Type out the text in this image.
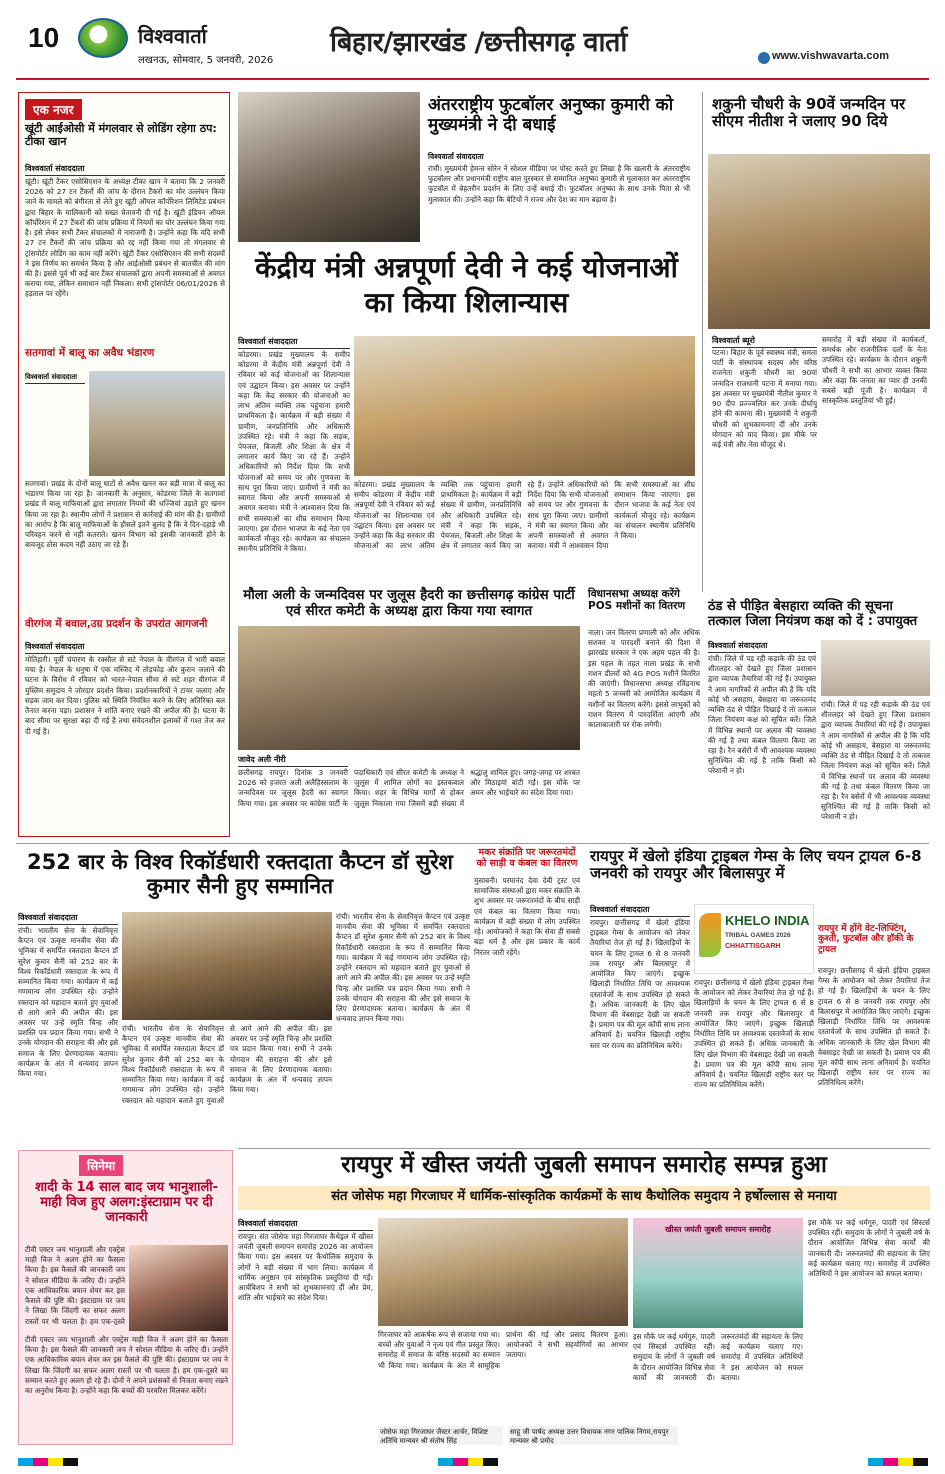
10	विश्ववार्ता
लखनऊ, सोमवार, 5 जनवरी, 2026
बिहार/झारखंड /छत्तीसगढ़ वार्ता	www.vishwavarta.com
एक नजर
खूंटी आईओसी में मंगलवार से लोडिंग रहेगा ठप: टीका खान
विश्ववार्ता संवाददाता
खूंटी। खूंटी टैंकर एसोसिएशन के अध्यक्ष टीका खान ने बताया कि 2 जनवरी 2026 को 27 टन टैंकरों की जांच के दौरान टैंकरों का मोर उल्लंघन किया जाने के मामले को बंगीरता से लेते हुए खूंटी ऑयल कॉर्पोरेशन लिमिटेड प्रबंधन द्वारा बिहार के मालिकानी को सख्त चेतावनी दी गई है। खूंटी इंडियन ऑयल कॉर्पोरेशन में 27 टैंकरों की जांच प्रक्रिया में नियमों का घोर उल्लंघन किया गया है। इसे लेकर सभी टैंकर संचालकों में नाराजगी है। उन्होंने कहा कि यदि सभी 27 टन टैंकरों की जांच प्रक्रिया को रद्द नहीं किया गया तो मंगलवार से ट्रांसपोर्टर लोडिंग का काम नहीं करेंगे। खूंटी टैंकर एसोसिएशन की सभी सदस्यों ने इस निर्णय का समर्थन किया है और आईओसी प्रबंधन से बातचीत की मांग की है। इससे पूर्व भी कई बार टैंकर संचालकों द्वारा अपनी समस्याओं से अवगत कराया गया, लेकिन समाधान नहीं निकला। सभी ट्रांसपोर्टर 06/01/2026 से हड़ताल पर रहेंगे।
सतगावां में बालू का अवैध भंडारण
विश्ववार्ता संवाददाता
सतगावां। प्रखंड के दोनों बालू घाटों से अवैध खनन कर बड़ी मात्रा में बालू का भंडारण किया जा रहा है। जानकारी के अनुसार, कोडरमा जिले के सतगावां प्रखंड में बालू माफियाओं द्वारा लगातार नियमों की धज्जियां उड़ाते हुए खनन किया जा रहा है। स्थानीय लोगों ने प्रशासन से कार्रवाई की मांग की है। ग्रामीणों का आरोप है कि बालू माफियाओं के हौसले इतने बुलंद हैं कि वे दिन-दहाड़े भी परिवहन करने से नहीं कतराते। खनन विभाग को इसकी जानकारी होने के बावजूद ठोस कदम नहीं उठाए जा रहे हैं।
वीरगंज में बवाल,उग्र प्रदर्शन के उपरांत आगजनी
विश्ववार्ता संवाददाता
मोतिहारी। पूर्वी चंपारण के रक्सौल से सटे नेपाल के वीरगंज में भारी बवाल मचा है। नेपाल के धनुषा में एक मस्जिद में तोड़फोड़ और कुरान जलाने की घटना के विरोध में रविवार को भारत-नेपाल सीमा से सटे शहर वीरगंज में मुस्लिम समुदाय ने जोरदार प्रदर्शन किया। प्रदर्शनकारियों ने टायर जलाए और सड़क जाम कर दिया। पुलिस को स्थिति नियंत्रित करने के लिए अतिरिक्त बल तैनात करना पड़ा। प्रशासन ने शांति बनाए रखने की अपील की है। घटना के बाद सीमा पर सुरक्षा बढ़ा दी गई है तथा संवेदनशील इलाकों में गश्त तेज कर दी गई है।
अंतरराष्ट्रीय फुटबॉलर अनुष्का कुमारी को मुख्यमंत्री ने दी बधाई
विश्ववार्ता संवाददाता
रांची। मुख्यमंत्री हेमन्त सोरेन ने सोशल मीडिया पर पोस्ट करते हुए लिखा है कि खलारी के अंतरराष्ट्रीय फुटबॉलर और प्रधानमंत्री राष्ट्रीय बाल पुरस्कार से सम्मानित अनुष्का कुमारी से मुलाकात कर अंतरराष्ट्रीय फुटबॉल में बेहतरीन प्रदर्शन के लिए उन्हें बधाई दी। फुटबॉलर अनुष्का के साथ उनके पिता से भी मुलाकात की। उन्होंने कहा कि बेटियों ने राज्य और देश का मान बढ़ाया है।
शकुनी चौधरी के 90वें जन्मदिन पर सीएम नीतीश ने जलाए 90 दिये
विश्ववार्ता ब्यूरो
पटना। बिहार के पूर्व स्वास्थ्य मंत्री, समता पार्टी के संस्थापक सदस्य और वरिष्ठ राजनेता शकुनी चौधरी का 90वां जन्मदिन राजधानी पटना में मनाया गया। इस अवसर पर मुख्यमंत्री नीतीश कुमार ने 90 दीप प्रज्ज्वलित कर उनके दीर्घायु होने की कामना की। मुख्यमंत्री ने शकुनी चौधरी को शुभकामनाएं दीं और उनके योगदान को याद किया। इस मौके पर कई मंत्री और नेता मौजूद थे।
समारोह में बड़ी संख्या में कार्यकर्ता, समर्थक और राजनीतिक दलों के नेता उपस्थित रहे। कार्यक्रम के दौरान शकुनी चौधरी ने सभी का आभार व्यक्त किया और कहा कि जनता का प्यार ही उनकी सबसे बड़ी पूंजी है। कार्यक्रम में सांस्कृतिक प्रस्तुतियां भी हुईं।
केंद्रीय मंत्री अन्नपूर्णा देवी ने कई योजनाओं का किया शिलान्यास
विश्ववार्ता संवाददाता
कोडरमा। प्रखंड मुख्यालय के समीप कोडरमा में केंद्रीय मंत्री अन्नपूर्णा देवी ने रविवार को कई योजनाओं का शिलान्यास एवं उद्घाटन किया। इस अवसर पर उन्होंने कहा कि केंद्र सरकार की योजनाओं का लाभ अंतिम व्यक्ति तक पहुंचाना हमारी प्राथमिकता है। कार्यक्रम में बड़ी संख्या में ग्रामीण, जनप्रतिनिधि और अधिकारी उपस्थित रहे। मंत्री ने कहा कि सड़क, पेयजल, बिजली और शिक्षा के क्षेत्र में लगातार कार्य किए जा रहे हैं। उन्होंने अधिकारियों को निर्देश दिया कि सभी योजनाओं को समय पर और गुणवत्ता के साथ पूरा किया जाए। ग्रामीणों ने मंत्री का स्वागत किया और अपनी समस्याओं से अवगत कराया। मंत्री ने आश्वासन दिया कि सभी समस्याओं का शीघ्र समाधान किया जाएगा। इस दौरान भाजपा के कई नेता एवं कार्यकर्ता मौजूद रहे। कार्यक्रम का संचालन स्थानीय प्रतिनिधि ने किया।
कोडरमा। प्रखंड मुख्यालय के समीप कोडरमा में केंद्रीय मंत्री अन्नपूर्णा देवी ने रविवार को कई योजनाओं का शिलान्यास एवं उद्घाटन किया। इस अवसर पर उन्होंने कहा कि केंद्र सरकार की योजनाओं का लाभ अंतिम व्यक्ति तक पहुंचाना हमारी प्राथमिकता है। कार्यक्रम में बड़ी संख्या में ग्रामीण, जनप्रतिनिधि और अधिकारी उपस्थित रहे। मंत्री ने कहा कि सड़क, पेयजल, बिजली और शिक्षा के क्षेत्र में लगातार कार्य किए जा रहे हैं। उन्होंने अधिकारियों को निर्देश दिया कि सभी योजनाओं को समय पर और गुणवत्ता के साथ पूरा किया जाए। ग्रामीणों ने मंत्री का स्वागत किया और अपनी समस्याओं से अवगत कराया। मंत्री ने आश्वासन दिया कि सभी समस्याओं का शीघ्र समाधान किया जाएगा। इस दौरान भाजपा के कई नेता एवं कार्यकर्ता मौजूद रहे। कार्यक्रम का संचालन स्थानीय प्रतिनिधि ने किया।
मौला अली के जन्मदिवस पर जुलूस हैदरी का छत्तीसगढ़ कांग्रेस पार्टी एवं सीरत कमेटी के अध्यक्ष द्वारा किया गया स्वागत
जावेद अली नीरी
छत्तीसगढ़ रायपुर। दिनांक 3 जनवरी 2026 को हजरत अली अलैहिस्सलाम के जन्मदिवस पर जुलूस हैदरी का स्वागत किया गया। इस अवसर पर कांग्रेस पार्टी के पदाधिकारी एवं सीरत कमेटी के अध्यक्ष ने जुलूस में शामिल लोगों का इस्तकबाल किया। शहर के विभिन्न मार्गों से होकर जुलूस निकाला गया जिसमें बड़ी संख्या में श्रद्धालु शामिल हुए। जगह-जगह पर शरबत और मिठाइयां बांटी गईं। इस मौके पर अमन और भाईचारे का संदेश दिया गया।
विधानसभा अध्यक्ष करेंगे POS मशीनों का वितरण
नाला। जन वितरण प्रणाली को और अधिक सशक्त व पारदर्शी बनाने की दिशा में झारखंड सरकार ने एक अहम पहल की है। इस पहल के तहत नाला प्रखंड के सभी राशन डीलरों को 4G POS मशीनें वितरित की जाएंगी। विधानसभा अध्यक्ष रविंद्रनाथ महतो 5 जनवरी को आयोजित कार्यक्रम में मशीनों का वितरण करेंगे। इससे लाभुकों को राशन वितरण में पारदर्शिता आएगी और कालाबाजारी पर रोक लगेगी।
ठंड से पीड़ित बेसहारा व्यक्ति की सूचना तत्काल जिला नियंत्रण कक्ष को दें : उपायुक्त
विश्ववार्ता संवाददाता
रांची। जिले में पड़ रही कड़ाके की ठंड एवं शीतलहर को देखते हुए जिला प्रशासन द्वारा व्यापक तैयारियां की गई हैं। उपायुक्त ने आम नागरिकों से अपील की है कि यदि कोई भी असहाय, बेसहारा या जरूरतमंद व्यक्ति ठंड से पीड़ित दिखाई दे तो तत्काल जिला नियंत्रण कक्ष को सूचित करें। जिले में विभिन्न स्थानों पर अलाव की व्यवस्था की गई है तथा कंबल वितरण किया जा रहा है। रैन बसेरों में भी आवश्यक व्यवस्था सुनिश्चित की गई है ताकि किसी को परेशानी न हो।
रांची। जिले में पड़ रही कड़ाके की ठंड एवं शीतलहर को देखते हुए जिला प्रशासन द्वारा व्यापक तैयारियां की गई हैं। उपायुक्त ने आम नागरिकों से अपील की है कि यदि कोई भी असहाय, बेसहारा या जरूरतमंद व्यक्ति ठंड से पीड़ित दिखाई दे तो तत्काल जिला नियंत्रण कक्ष को सूचित करें। जिले में विभिन्न स्थानों पर अलाव की व्यवस्था की गई है तथा कंबल वितरण किया जा रहा है। रैन बसेरों में भी आवश्यक व्यवस्था सुनिश्चित की गई है ताकि किसी को परेशानी न हो।
252 बार के विश्व रिकॉर्डधारी रक्तदाता कैप्टन डॉ सुरेश कुमार सैनी हुए सम्मानित
विश्ववार्ता संवाददाता
रांची। भारतीय सेना के सेवानिवृत्त कैप्टन एवं उत्कृष्ट मानवीय सेवा की भूमिका में समर्पित रक्तदाता कैप्टन डॉ सुरेश कुमार सैनी को 252 बार के विश्व रिकॉर्डधारी रक्तदाता के रूप में सम्मानित किया गया। कार्यक्रम में कई गणमान्य लोग उपस्थित रहे। उन्होंने रक्तदान को महादान बताते हुए युवाओं से आगे आने की अपील की। इस अवसर पर उन्हें स्मृति चिन्ह और प्रशस्ति पत्र प्रदान किया गया। सभी ने उनके योगदान की सराहना की और इसे समाज के लिए प्रेरणादायक बताया। कार्यक्रम के अंत में धन्यवाद ज्ञापन किया गया।
रांची। भारतीय सेना के सेवानिवृत्त कैप्टन एवं उत्कृष्ट मानवीय सेवा की भूमिका में समर्पित रक्तदाता कैप्टन डॉ सुरेश कुमार सैनी को 252 बार के विश्व रिकॉर्डधारी रक्तदाता के रूप में सम्मानित किया गया। कार्यक्रम में कई गणमान्य लोग उपस्थित रहे। उन्होंने रक्तदान को महादान बताते हुए युवाओं से आगे आने की अपील की। इस अवसर पर उन्हें स्मृति चिन्ह और प्रशस्ति पत्र प्रदान किया गया। सभी ने उनके योगदान की सराहना की और इसे समाज के लिए प्रेरणादायक बताया। कार्यक्रम के अंत में धन्यवाद ज्ञापन किया गया।
मकर संक्रांति पर जरूरतमंदों को साड़ी व कंबल का वितरण
मुसाबनी। परमानंद देवा देवी ट्रस्ट एवं सामाजिक संस्थाओं द्वारा मकर संक्रांति के शुभ अवसर पर जरूरतमंदों के बीच साड़ी एवं कंबल का वितरण किया गया। कार्यक्रम में बड़ी संख्या में लोग उपस्थित रहे। आयोजकों ने कहा कि सेवा ही सबसे बड़ा धर्म है और इस प्रकार के कार्य निरंतर जारी रहेंगे।
रांची। भारतीय सेना के सेवानिवृत्त कैप्टन एवं उत्कृष्ट मानवीय सेवा की भूमिका में समर्पित रक्तदाता कैप्टन डॉ सुरेश कुमार सैनी को 252 बार के विश्व रिकॉर्डधारी रक्तदाता के रूप में सम्मानित किया गया। कार्यक्रम में कई गणमान्य लोग उपस्थित रहे। उन्होंने रक्तदान को महादान बताते हुए युवाओं से आगे आने की अपील की। इस अवसर पर उन्हें स्मृति चिन्ह और प्रशस्ति पत्र प्रदान किया गया। सभी ने उनके योगदान की सराहना की और इसे समाज के लिए प्रेरणादायक बताया। कार्यक्रम के अंत में धन्यवाद ज्ञापन किया गया।
रायपुर में खेलो इंडिया ट्राइबल गेम्स के लिए चयन ट्रायल 6-8 जनवरी को रायपुर और बिलासपुर में
विश्ववार्ता संवाददाता
रायपुर। छत्तीसगढ़ में खेलो इंडिया ट्राइबल गेम्स के आयोजन को लेकर तैयारियां तेज हो गई हैं। खिलाड़ियों के चयन के लिए ट्रायल 6 से 8 जनवरी तक रायपुर और बिलासपुर में आयोजित किए जाएंगे। इच्छुक खिलाड़ी निर्धारित तिथि पर आवश्यक दस्तावेजों के साथ उपस्थित हो सकते हैं। अधिक जानकारी के लिए खेल विभाग की वेबसाइट देखी जा सकती है। प्रमाण पत्र की मूल कॉपी साथ लाना अनिवार्य है। चयनित खिलाड़ी राष्ट्रीय स्तर पर राज्य का प्रतिनिधित्व करेंगे।
KHELO INDIA
TRIBAL GAMES 2026
CHHATTISGARH
रायपुर। छत्तीसगढ़ में खेलो इंडिया ट्राइबल गेम्स के आयोजन को लेकर तैयारियां तेज हो गई हैं। खिलाड़ियों के चयन के लिए ट्रायल 6 से 8 जनवरी तक रायपुर और बिलासपुर में आयोजित किए जाएंगे। इच्छुक खिलाड़ी निर्धारित तिथि पर आवश्यक दस्तावेजों के साथ उपस्थित हो सकते हैं। अधिक जानकारी के लिए खेल विभाग की वेबसाइट देखी जा सकती है। प्रमाण पत्र की मूल कॉपी साथ लाना अनिवार्य है। चयनित खिलाड़ी राष्ट्रीय स्तर पर राज्य का प्रतिनिधित्व करेंगे।
रायपुर में होंगे वेट-लिफ्टिंग, कुश्ती, फुटबॉल और हॉकी के ट्रायल
रायपुर। छत्तीसगढ़ में खेलो इंडिया ट्राइबल गेम्स के आयोजन को लेकर तैयारियां तेज हो गई हैं। खिलाड़ियों के चयन के लिए ट्रायल 6 से 8 जनवरी तक रायपुर और बिलासपुर में आयोजित किए जाएंगे। इच्छुक खिलाड़ी निर्धारित तिथि पर आवश्यक दस्तावेजों के साथ उपस्थित हो सकते हैं। अधिक जानकारी के लिए खेल विभाग की वेबसाइट देखी जा सकती है। प्रमाण पत्र की मूल कॉपी साथ लाना अनिवार्य है। चयनित खिलाड़ी राष्ट्रीय स्तर पर राज्य का प्रतिनिधित्व करेंगे।
सिनेमा
शादी के 14 साल बाद जय भानुशाली-माही विज हुए अलग:इंस्टाग्राम पर दी जानकारी
टीवी एक्टर जय भानुशाली और एक्ट्रेस माही विज ने अलग होने का फैसला किया है। इस फैसले की जानकारी जय ने सोशल मीडिया के जरिए दी। उन्होंने एक आधिकारिक बयान शेयर कर इस फैसले की पुष्टि की। इंस्टाग्राम पर जय ने लिखा कि जिंदगी का सफर अलग रास्तों पर भी चलता है। हम एक-दूसरे
टीवी एक्टर जय भानुशाली और एक्ट्रेस माही विज ने अलग होने का फैसला किया है। इस फैसले की जानकारी जय ने सोशल मीडिया के जरिए दी। उन्होंने एक आधिकारिक बयान शेयर कर इस फैसले की पुष्टि की। इंस्टाग्राम पर जय ने लिखा कि जिंदगी का सफर अलग रास्तों पर भी चलता है। हम एक-दूसरे का सम्मान करते हुए अलग हो रहे हैं। दोनों ने अपने प्रशंसकों से निजता बनाए रखने का अनुरोध किया है। उन्होंने कहा कि बच्चों की परवरिश मिलकर करेंगे।
रायपुर में खीस्त जयंती जुबली समापन समारोह सम्पन्न हुआ
संत जोसेफ महा गिरजाघर में धार्मिक-सांस्कृतिक कार्यक्रमों के साथ कैथोलिक समुदाय ने हर्षोल्लास से मनाया
विश्ववार्ता संवाददाता
रायपुर। संत जोसेफ महा गिरजाघर कैथेड्रल में खीस्त जयंती जुबली समापन समारोह 2026 का आयोजन किया गया। इस अवसर पर कैथोलिक समुदाय के लोगों ने बड़ी संख्या में भाग लिया। कार्यक्रम में धार्मिक अनुष्ठान एवं सांस्कृतिक प्रस्तुतियां दी गईं। आर्चबिशप ने सभी को शुभकामनाएं दीं और प्रेम, शांति और भाईचारे का संदेश दिया।
गिरजाघर को आकर्षक रूप से सजाया गया था। बच्चों और युवाओं ने नृत्य एवं गीत प्रस्तुत किए। समारोह में समाज के वरिष्ठ सदस्यों का सम्मान भी किया गया। कार्यक्रम के अंत में सामूहिक प्रार्थना की गई और प्रसाद वितरण हुआ। आयोजकों ने सभी सहयोगियों का आभार जताया।
जोसेफ महा गिरजाघर जैस्टर आर्चर, विशिष्ट अतिथि मान्यवर श्री संतोष सिंह
खीस्त जयंती जुबली समापन समारोह
इस मौके पर कई धर्मगुरु, पादरी एवं सिस्टर्स उपस्थित रहीं। समुदाय के लोगों ने जुबली वर्ष के दौरान आयोजित विभिन्न सेवा कार्यों की जानकारी दी। जरूरतमंदों की सहायता के लिए कई कार्यक्रम चलाए गए। समारोह में उपस्थित अतिथियों ने इस आयोजन को सफल बताया।
साहू जी पार्षद अध्यक्ष उत्तर विधायक नगर पालिक निगम,रायपुर मान्यवर श्री प्रमोद
इस मौके पर कई धर्मगुरु, पादरी एवं सिस्टर्स उपस्थित रहीं। समुदाय के लोगों ने जुबली वर्ष के दौरान आयोजित विभिन्न सेवा कार्यों की जानकारी दी। जरूरतमंदों की सहायता के लिए कई कार्यक्रम चलाए गए। समारोह में उपस्थित अतिथियों ने इस आयोजन को सफल बताया।
